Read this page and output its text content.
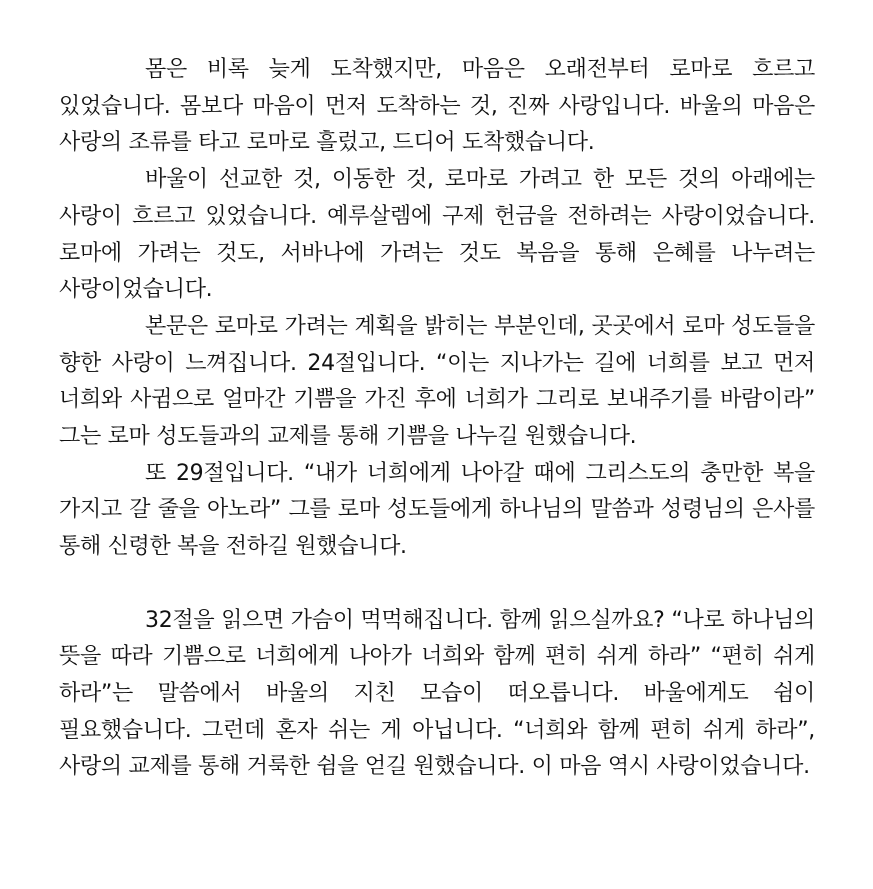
몸은 비록 늦게 도착했지만, 마음은 오래전부터 로마로 흐르고 있었습니다. 몸보다 마음이 먼저 도착하는 것, 진짜 사랑입니다. 바울의 마음은 사랑의 조류를 타고 로마로 흘렀고, 드디어 도착했습니다.

바울이 선교한 것, 이동한 것, 로마로 가려고 한 모든 것의 아래에는 사랑이 흐르고 있었습니다. 예루살렘에 구제 헌금을 전하려는 사랑이었습니다. 로마에 가려는 것도, 서바나에 가려는 것도 복음을 통해 은혜를 나누려는 사랑이었습니다.

본문은 로마로 가려는 계획을 밝히는 부분인데, 곳곳에서 로마 성도들을 향한 사랑이 느껴집니다. 24절입니다. “이는 지나가는 길에 너희를 보고 먼저 너희와 사귐으로 얼마간 기쁨을 가진 후에 너희가 그리로 보내주기를 바람이라” 그는 로마 성도들과의 교제를 통해 기쁨을 나누길 원했습니다.

또 29절입니다. “내가 너희에게 나아갈 때에 그리스도의 충만한 복을 가지고 갈 줄을 아노라” 그를 로마 성도들에게 하나님의 말씀과 성령님의 은사를 통해 신령한 복을 전하길 원했습니다.

32절을 읽으면 가슴이 먹먹해집니다. 함께 읽으실까요? “나로 하나님의 뜻을 따라 기쁨으로 너희에게 나아가 너희와 함께 편히 쉬게 하라” “편히 쉬게 하라”는 말씀에서 바울의 지친 모습이 떠오릅니다. 바울에게도 쉼이 필요했습니다. 그런데 혼자 쉬는 게 아닙니다. “너희와 함께 편히 쉬게 하라”, 사랑의 교제를 통해 거룩한 쉼을 얻길 원했습니다. 이 마음 역시 사랑이었습니다.
